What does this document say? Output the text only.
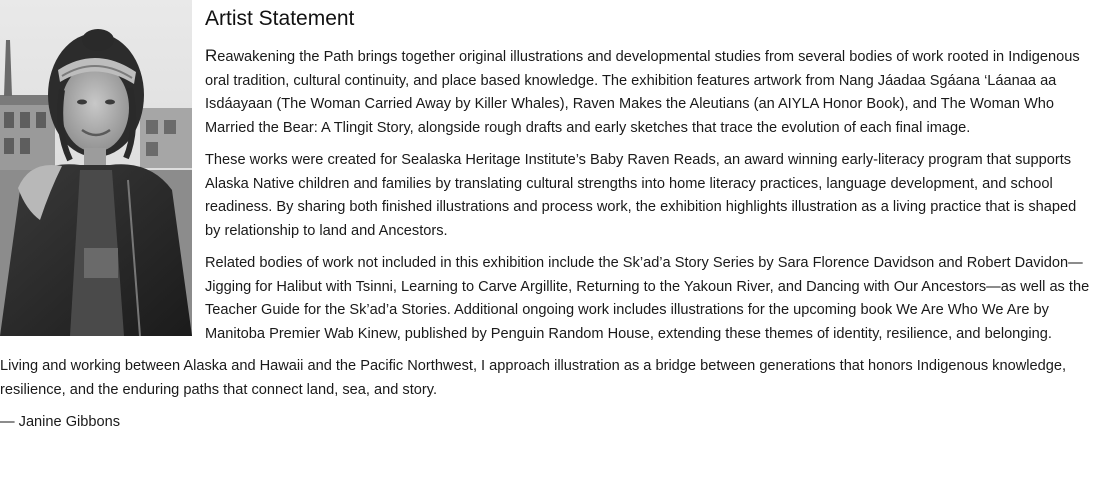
Artist Statement

Reawakening the Path brings together original illustrations and developmental studies from several bodies of work rooted in Indigenous oral tradition, cultural continuity, and place based knowledge. The exhibition features artwork from Nang Jáadaa Sgáana ‘Láanaa aa Isdáayaan (The Woman Carried Away by Killer Whales), Raven Makes the Aleutians (an AIYLA Honor Book), and The Woman Who Married the Bear: A Tlingit Story, alongside rough drafts and early sketches that trace the evolution of each final image.

These works were created for Sealaska Heritage Institute’s Baby Raven Reads, an award winning early-literacy program that supports Alaska Native children and families by translating cultural strengths into home literacy practices, language development, and school readiness. By sharing both finished illustrations and process work, the exhibition highlights illustration as a living practice that is shaped by relationship to land and Ancestors.

Related bodies of work not included in this exhibition include the Sk’ad’a Story Series by Sara Florence Davidson and Robert Davidon—Jigging for Halibut with Tsinni, Learning to Carve Argillite, Returning to the Yakoun River, and Dancing with Our Ancestors—as well as the Teacher Guide for the Sk’ad’a Stories. Additional ongoing work includes illustrations for the upcoming book We Are Who We Are by Manitoba Premier Wab Kinew, published by Penguin Random House, extending these themes of identity, resilience, and belonging.

Living and working between Alaska and Hawaii and the Pacific Northwest, I approach illustration as a bridge between generations that honors Indigenous knowledge, resilience, and the enduring paths that connect land, sea, and story.

— Janine Gibbons
